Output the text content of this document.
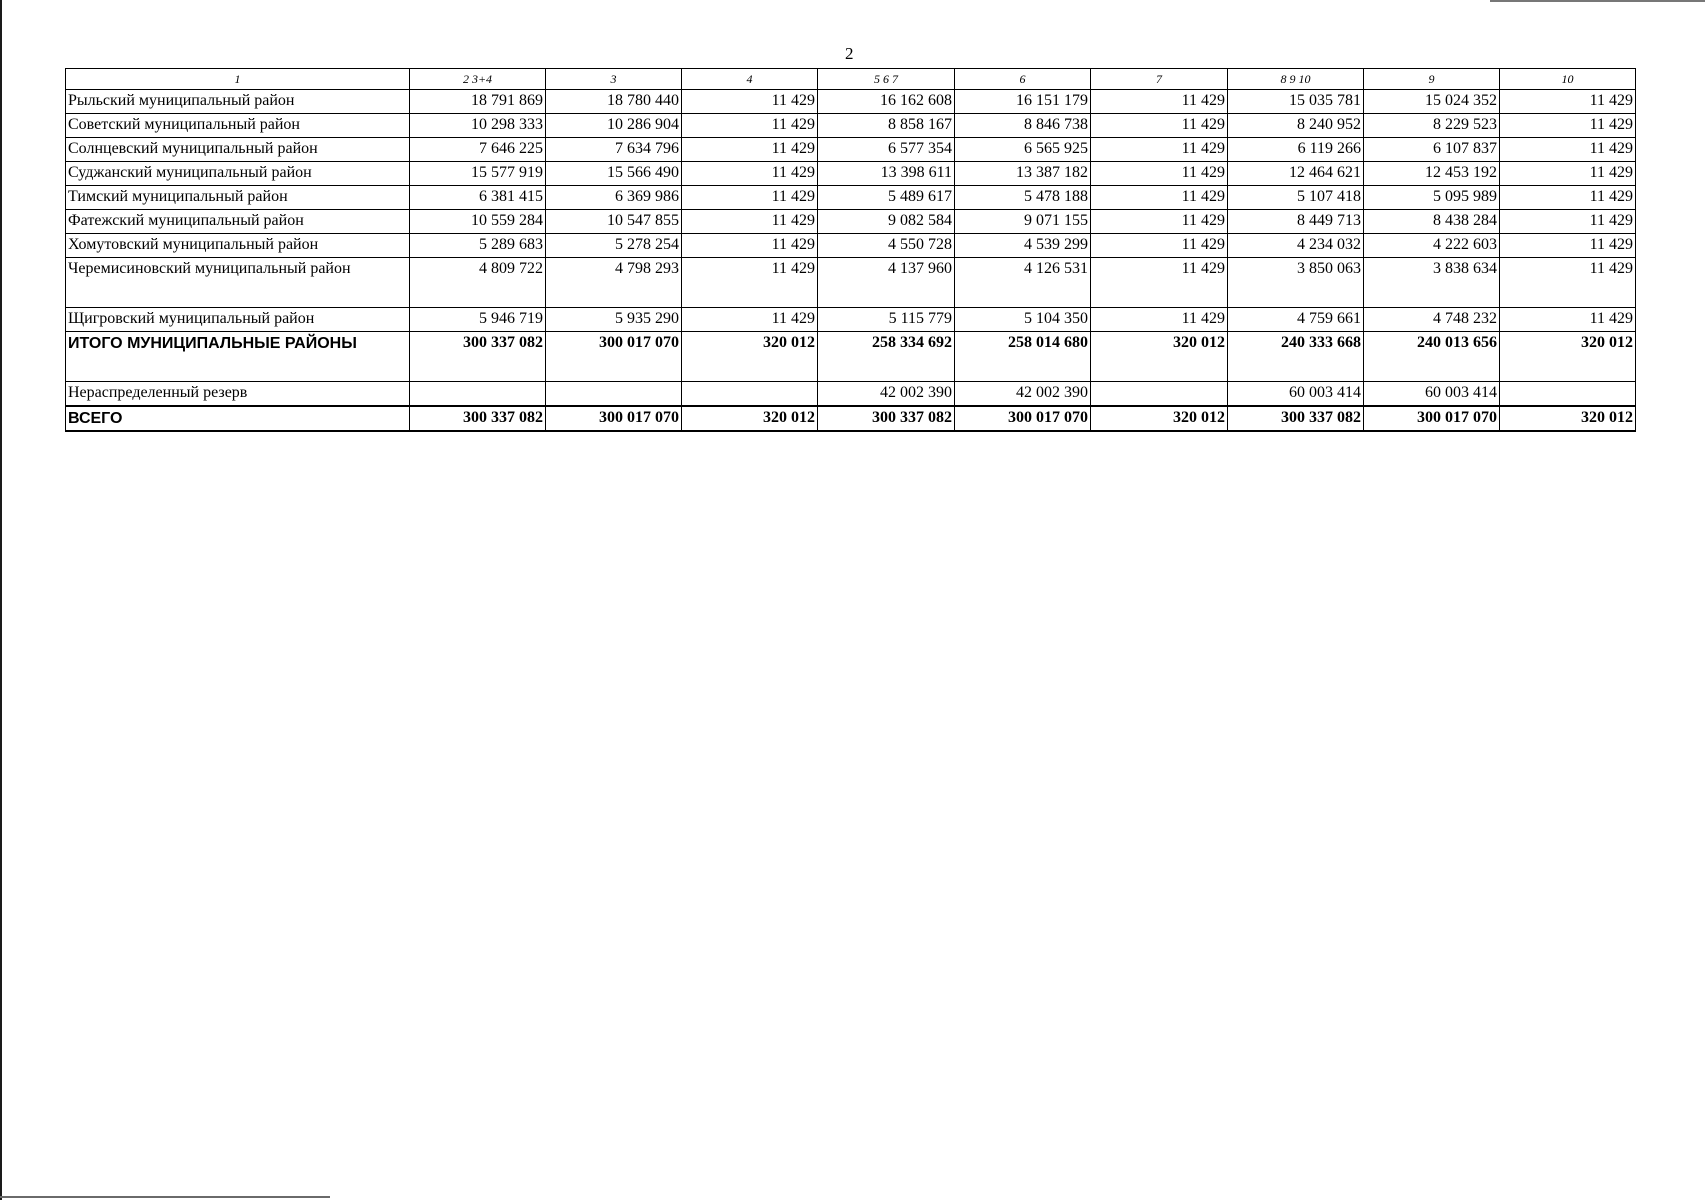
2
1	2 3+4	3	4	5 6 7	6	7	8 9 10	9	10
Рыльский муниципальный район	18 791 869	18 780 440	11 429	16 162 608	16 151 179	11 429	15 035 781	15 024 352	11 429
Советский муниципальный район	10 298 333	10 286 904	11 429	8 858 167	8 846 738	11 429	8 240 952	8 229 523	11 429
Солнцевский муниципальный район	7 646 225	7 634 796	11 429	6 577 354	6 565 925	11 429	6 119 266	6 107 837	11 429
Суджанский муниципальный район	15 577 919	15 566 490	11 429	13 398 611	13 387 182	11 429	12 464 621	12 453 192	11 429
Тимский муниципальный район	6 381 415	6 369 986	11 429	5 489 617	5 478 188	11 429	5 107 418	5 095 989	11 429
Фатежский муниципальный район	10 559 284	10 547 855	11 429	9 082 584	9 071 155	11 429	8 449 713	8 438 284	11 429
Хомутовский муниципальный район	5 289 683	5 278 254	11 429	4 550 728	4 539 299	11 429	4 234 032	4 222 603	11 429
Черемисиновский муниципальный район	4 809 722	4 798 293	11 429	4 137 960	4 126 531	11 429	3 850 063	3 838 634	11 429
Щигровский муниципальный район	5 946 719	5 935 290	11 429	5 115 779	5 104 350	11 429	4 759 661	4 748 232	11 429
ИТОГО МУНИЦИПАЛЬНЫЕ РАЙОНЫ	300 337 082	300 017 070	320 012	258 334 692	258 014 680	320 012	240 333 668	240 013 656	320 012
Нераспределенный резерв				42 002 390	42 002 390		60 003 414	60 003 414	
ВСЕГО	300 337 082	300 017 070	320 012	300 337 082	300 017 070	320 012	300 337 082	300 017 070	320 012
